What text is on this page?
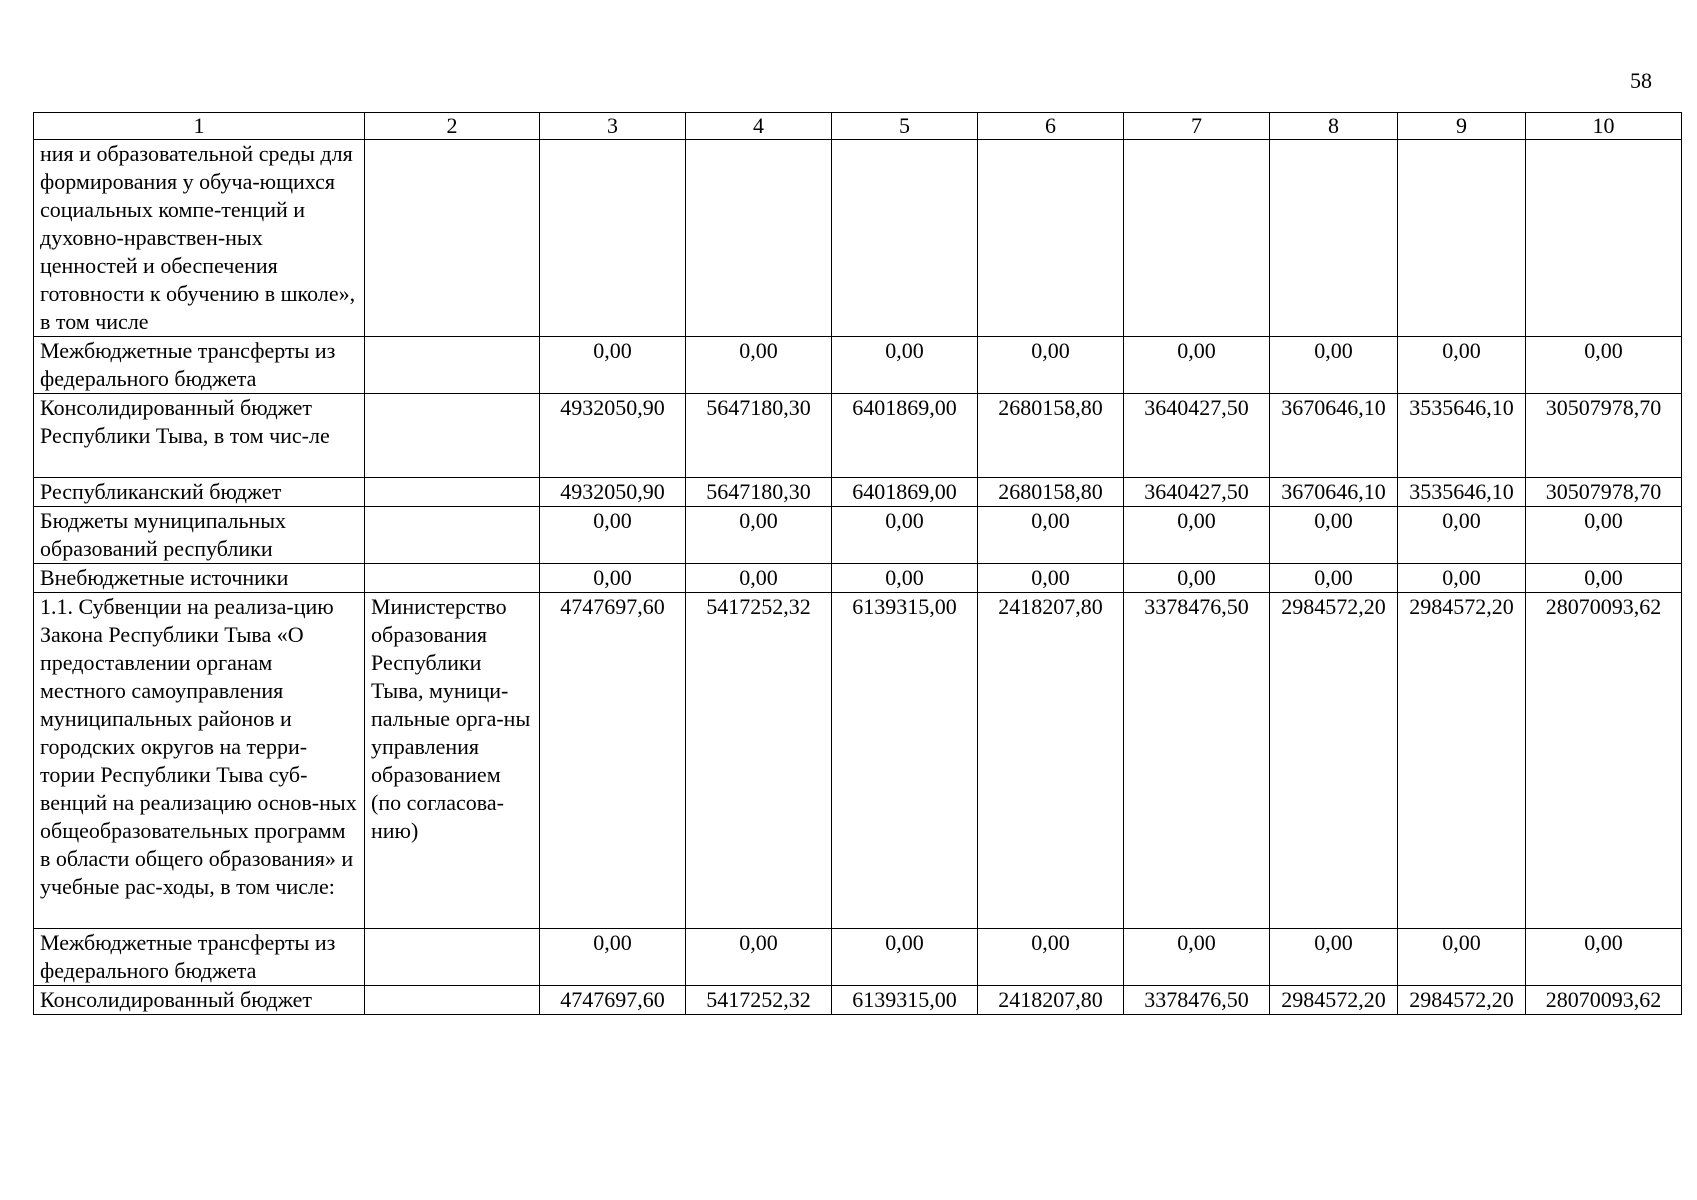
58
1	2	3	4	5	6	7	8	9	10
ния и образовательной среды для формирования у обуча-ющихся социальных компе-тенций и духовно-нравствен-ных ценностей и обеспечения готовности к обучению в школе», в том числе									
Межбюджетные трансферты из федерального бюджета		0,00	0,00	0,00	0,00	0,00	0,00	0,00	0,00
Консолидированный бюджет Республики Тыва, в том чис-ле		4932050,90	5647180,30	6401869,00	2680158,80	3640427,50	3670646,10	3535646,10	30507978,70
Республиканский бюджет		4932050,90	5647180,30	6401869,00	2680158,80	3640427,50	3670646,10	3535646,10	30507978,70
Бюджеты муниципальных образований республики		0,00	0,00	0,00	0,00	0,00	0,00	0,00	0,00
Внебюджетные источники		0,00	0,00	0,00	0,00	0,00	0,00	0,00	0,00
1.1. Субвенции на реализа-цию Закона Республики Тыва «О предоставлении органам местного самоуправления муниципальных районов и городских округов на терри-тории Республики Тыва суб-венций на реализацию основ-ных общеобразовательных программ в области общего образования» и учебные рас-ходы, в том числе:	Министерство образования Республики Тыва, муници-пальные орга-ны управления образованием (по согласова-нию)	4747697,60	5417252,32	6139315,00	2418207,80	3378476,50	2984572,20	2984572,20	28070093,62
Межбюджетные трансферты из федерального бюджета		0,00	0,00	0,00	0,00	0,00	0,00	0,00	0,00
Консолидированный бюджет		4747697,60	5417252,32	6139315,00	2418207,80	3378476,50	2984572,20	2984572,20	28070093,62
